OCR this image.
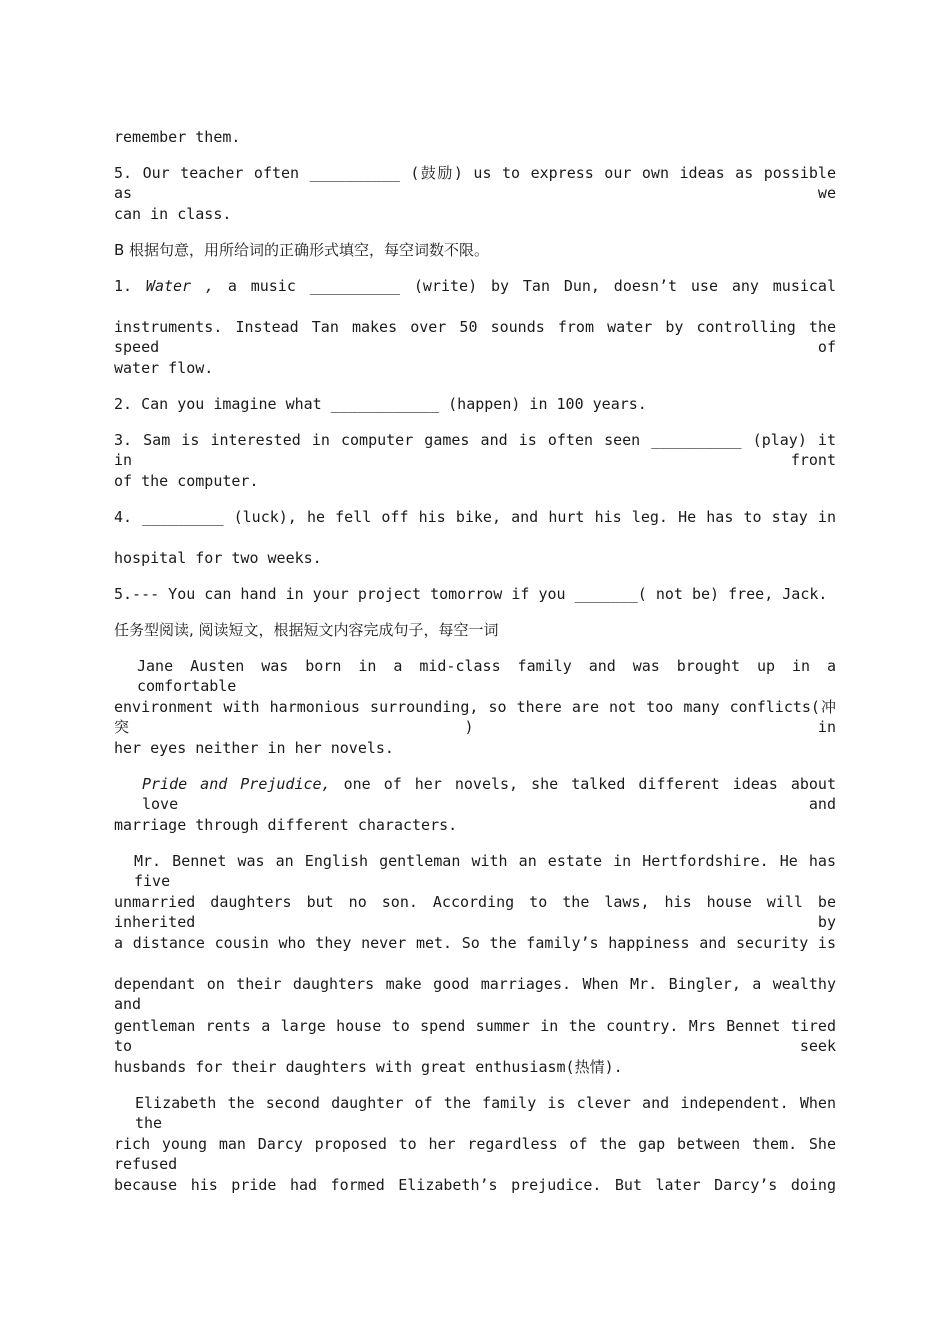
remember them.
5. Our teacher often __________ (鼓励) us to express our own ideas as possible as we
can in class.
B 根据句意，用所给词的正确形式填空，每空词数不限。
1. Water , a music __________ (write) by Tan Dun, doesn’t use any musical
instruments. Instead Tan makes over 50 sounds from water by controlling the speed of
water flow.
2. Can you imagine what ____________ (happen) in 100 years.
3. Sam is interested in computer games and is often seen __________ (play) it in front
of the computer.
4. _________ (luck), he fell off his bike, and hurt his leg. He has to stay in
hospital for two weeks.
5.--- You can hand in your project tomorrow if you _______( not be) free, Jack.
任务型阅读, 阅读短文，根据短文内容完成句子，每空一词
Jane Austen was born in a mid-class family and was brought up in a comfortable
environment with harmonious surrounding, so there are not too many conflicts(冲突) in
her eyes neither in her novels.
Pride and Prejudice, one of her novels, she talked different ideas about love and
marriage through different characters.
Mr. Bennet was an English gentleman with an estate in Hertfordshire. He has five
unmarried daughters but no son. According to the laws, his house will be inherited by
a distance cousin who they never met. So the family’s happiness and security is
dependant on their daughters make good marriages. When Mr. Bingler, a wealthy and
gentleman rents a large house to spend summer in the country. Mrs Bennet tired to seek
husbands for their daughters with great enthusiasm(热情).
Elizabeth the second daughter of the family is clever and independent. When the
rich young man Darcy proposed to her regardless of the gap between them. She refused
because his pride had formed Elizabeth’s prejudice. But later Darcy’s doing
